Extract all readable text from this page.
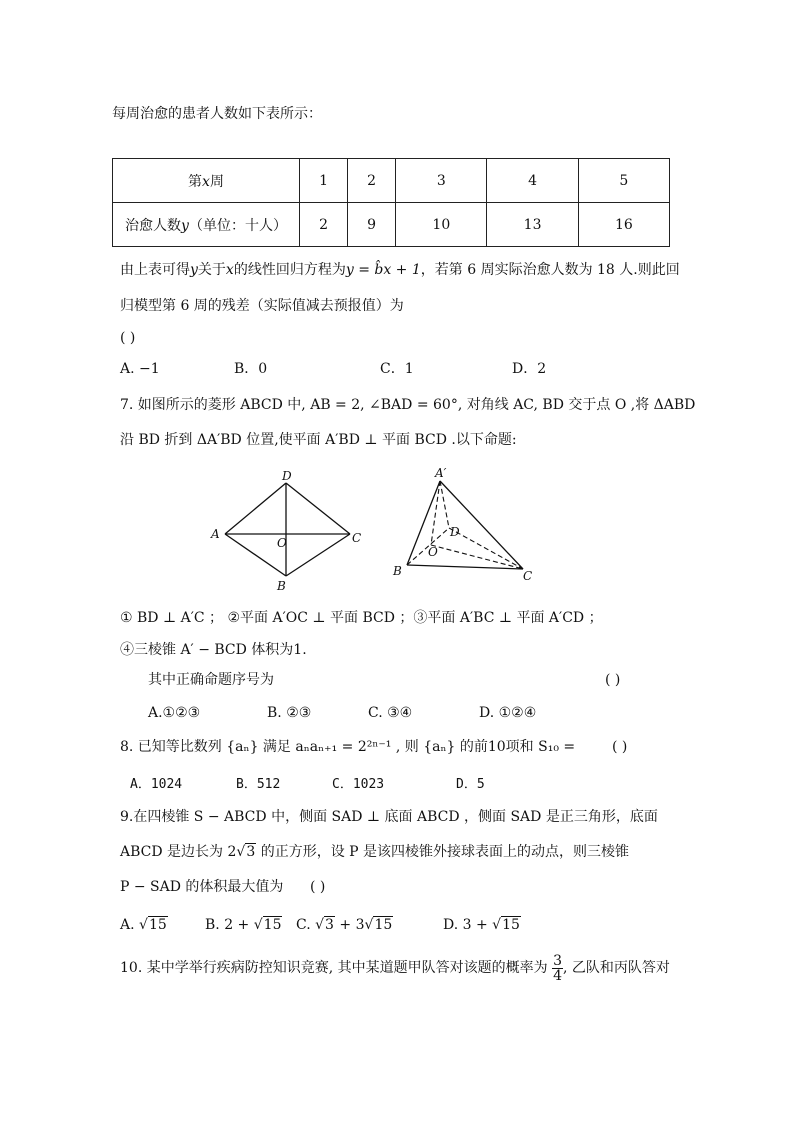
每周治愈的患者人数如下表所示：
第x周	1	2	3	4	5
治愈人数y（单位：十人）	2	9	10	13	16
由上表可得y关于x的线性回归方程为y = b̂x + 1，若第 6 周实际治愈人数为 18 人.则此回
归模型第 6 周的残差（实际值减去预报值）为
( )
A. −1	B．0	C．1	D．2
7. 如图所示的菱形 ABCD 中, AB = 2, ∠BAD = 60°, 对角线 AC, BD 交于点 O ,将 ΔABD
沿 BD 折到 ΔA′BD 位置,使平面 A′BD ⊥ 平面 BCD .以下命题:
D
A
O	C
B
A′
D
O
B	C
① BD ⊥ A′C ； ②平面 A′OC ⊥ 平面 BCD ；③平面 A′BC ⊥ 平面 A′CD ；
④三棱锥 A′ − BCD 体积为1.
其中正确命题序号为	( )
A.①②③	B. ②③	C. ③④	D. ①②④
8. 已知等比数列 {aₙ} 满足 aₙaₙ₊₁ = 2²ⁿ⁻¹ , 则 {aₙ} 的前10项和 S₁₀ =	( )
A．1024	B．512	C．1023	D．5
9.在四棱锥 S − ABCD 中，侧面 SAD ⊥ 底面 ABCD ，侧面 SAD 是正三角形，底面
ABCD 是边长为 2√3 的正方形，设 P 是该四棱锥外接球表面上的动点，则三棱锥
P − SAD 的体积最大值为 ( )
A. √15	B. 2 + √15 C. √3 + 3√15	D. 3 + √15
10. 某中学举行疾病防控知识竞赛, 其中某道题甲队答对该题的概率为 $\frac{3}{4}$ , 乙队和丙队答对
